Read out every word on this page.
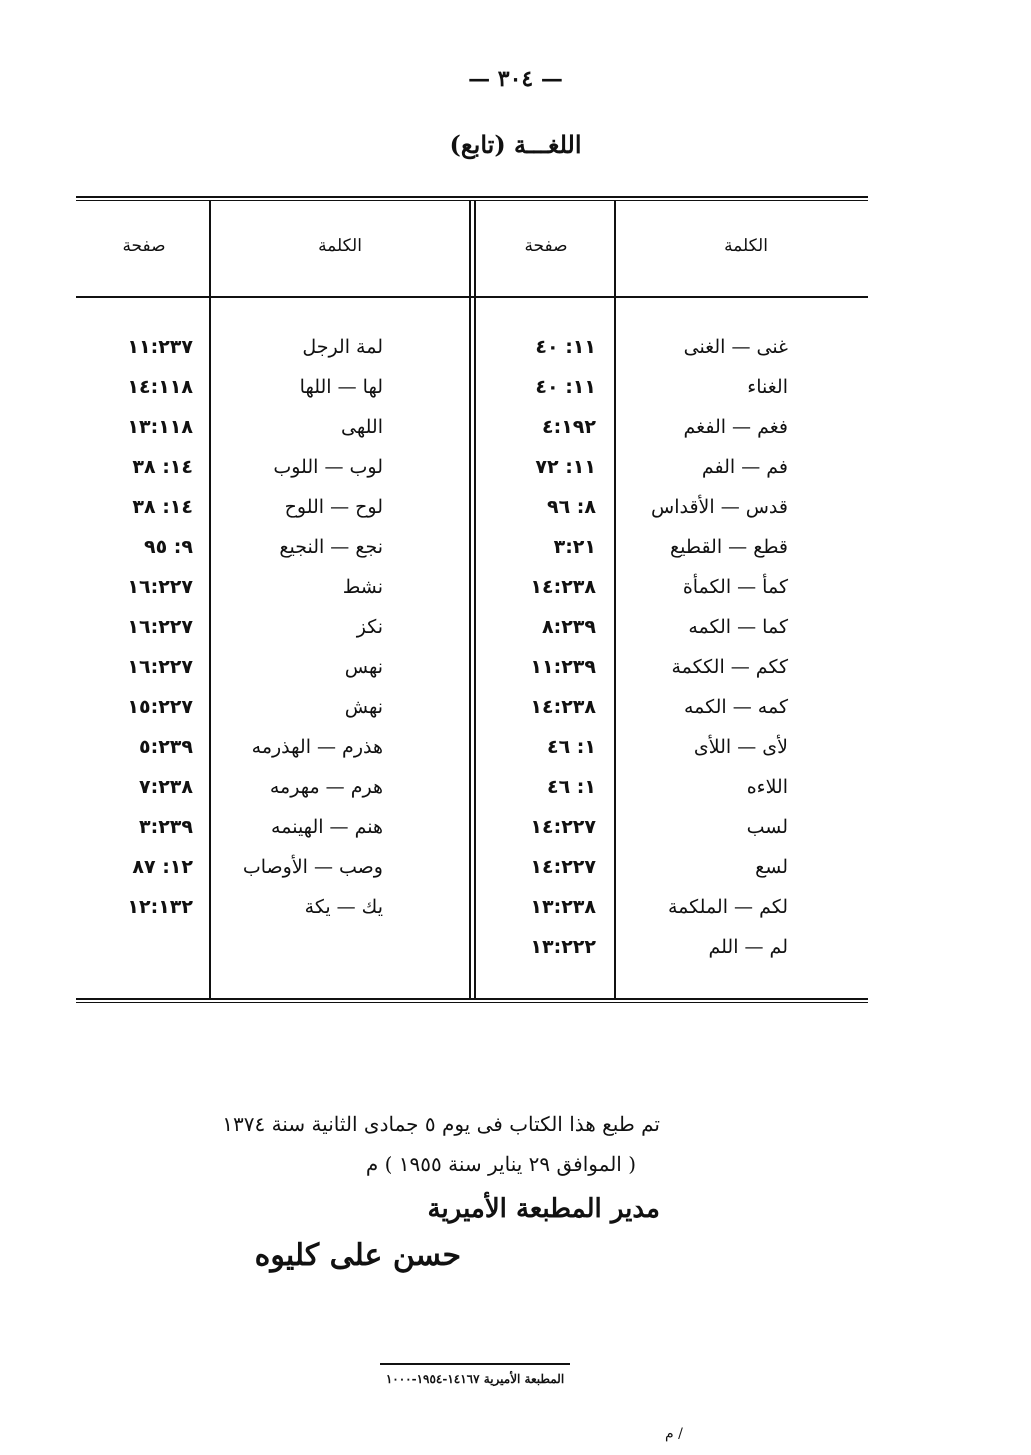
— ٣٠٤ —
(تابع) اللغـــة
الكلمة
صفحة
الكلمة
صفحة
غنى — الغنى
١١: ٤٠
لمة الرجل
١١:٢٣٧
الغناء
١١: ٤٠
لها — اللها
١٤:١١٨
فغم — الفغم
٤:١٩٢
اللهى
١٣:١١٨
فم — الفم
١١: ٧٢
لوب — اللوب
١٤: ٣٨
قدس — الأقداس
٨: ٩٦
لوح — اللوح
١٤: ٣٨
قطع — القطيع
٣:٢١
نجع — النجيع
٩: ٩٥
كمأ — الكمأة
١٤:٢٣٨
نشط
١٦:٢٢٧
كما — الكمه
٨:٢٣٩
نكز
١٦:٢٢٧
ككم — الككمة
١١:٢٣٩
نهس
١٦:٢٢٧
كمه — الكمه
١٤:٢٣٨
نهش
١٥:٢٢٧
لأى — اللأى
١: ٤٦
هذرم — الهذرمه
٥:٢٣٩
اللاءه
١: ٤٦
هرم — مهرمه
٧:٢٣٨
لسب
١٤:٢٢٧
هنم — الهينمه
٣:٢٣٩
لسع
١٤:٢٢٧
وصب — الأوصاب
١٢: ٨٧
لكم — الملكمة
١٣:٢٣٨
يك — يكة
١٢:١٣٢
لم — اللم
١٣:٢٢٢
تم طبع هذا الكتاب فى يوم ٥ جمادى الثانية سنة ١٣٧٤
( الموافق ٢٩ يناير سنة ١٩٥٥ ) م
مدير المطبعة الأميرية
حسن على كليوه
المطبعة الأميرية ١٤١٦٧-١٩٥٤-١٠٠٠
م /
